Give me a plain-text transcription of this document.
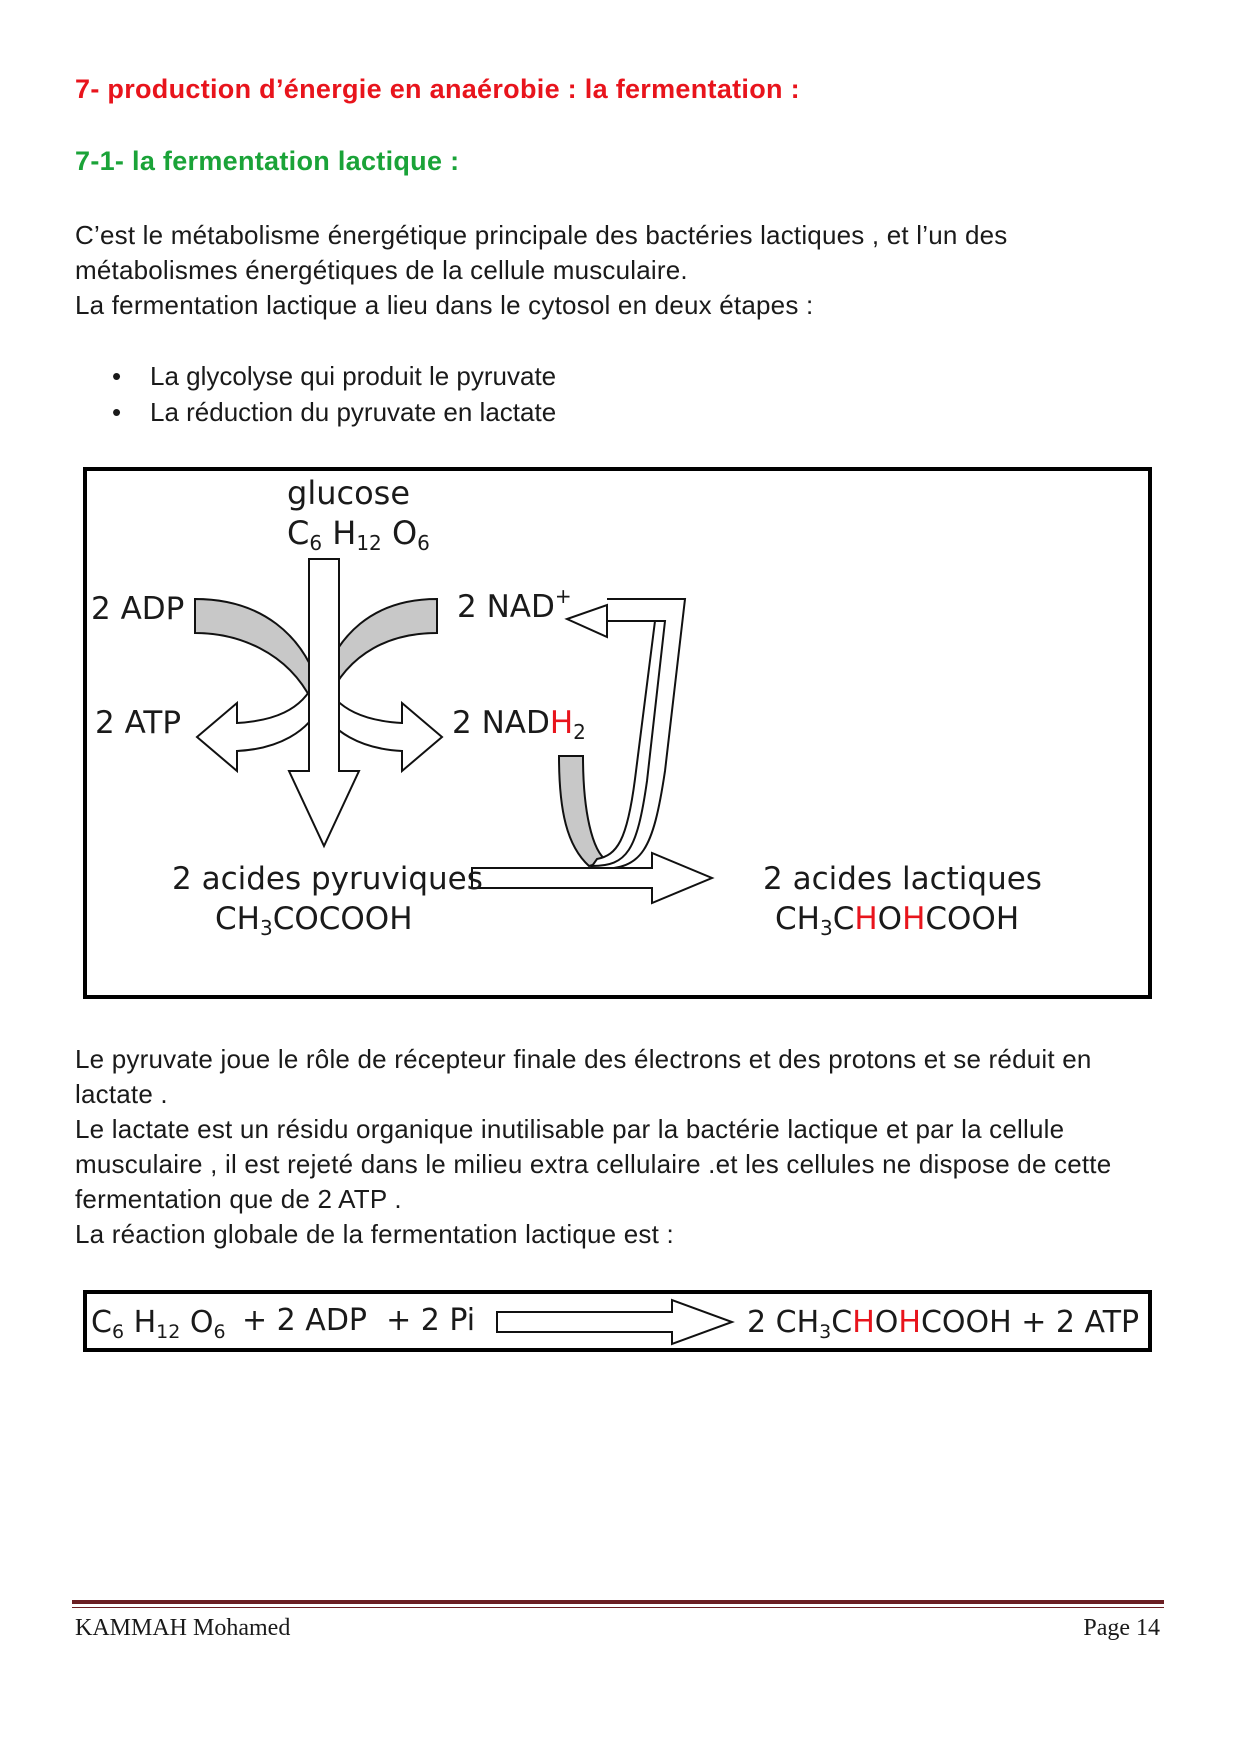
7- production d’énergie en anaérobie : la fermentation :
7-1- la fermentation lactique :

C’est le métabolisme énergétique principale des bactéries lactiques , et l’un des métabolismes énergétiques de la cellule musculaire.
La fermentation lactique a lieu dans le cytosol en deux étapes :

• La glycolyse qui produit le pyruvate
• La réduction du pyruvate en lactate
glucose
C6 H12 O6
2 ADP
2 ATP
2 NAD+
2 NADH2
2 acides pyruviques
CH3COCOOH
2 acides lactiques
CH3CHOHCOOH

Le pyruvate joue le rôle de récepteur finale des électrons et des protons et se réduit en lactate .
Le lactate est un résidu organique inutilisable par la bactérie lactique et par la cellule musculaire , il est rejeté dans le milieu extra cellulaire .et les cellules ne dispose de cette fermentation que de 2 ATP .
La réaction globale de la fermentation lactique est :

$C_6$ $H_{12}$ $O_6 + 2$ ADP  + 2 Pi	2 $CH_3CHOHCOOH + 2$ ATP
KAMMAH Mohamed	Page 14
